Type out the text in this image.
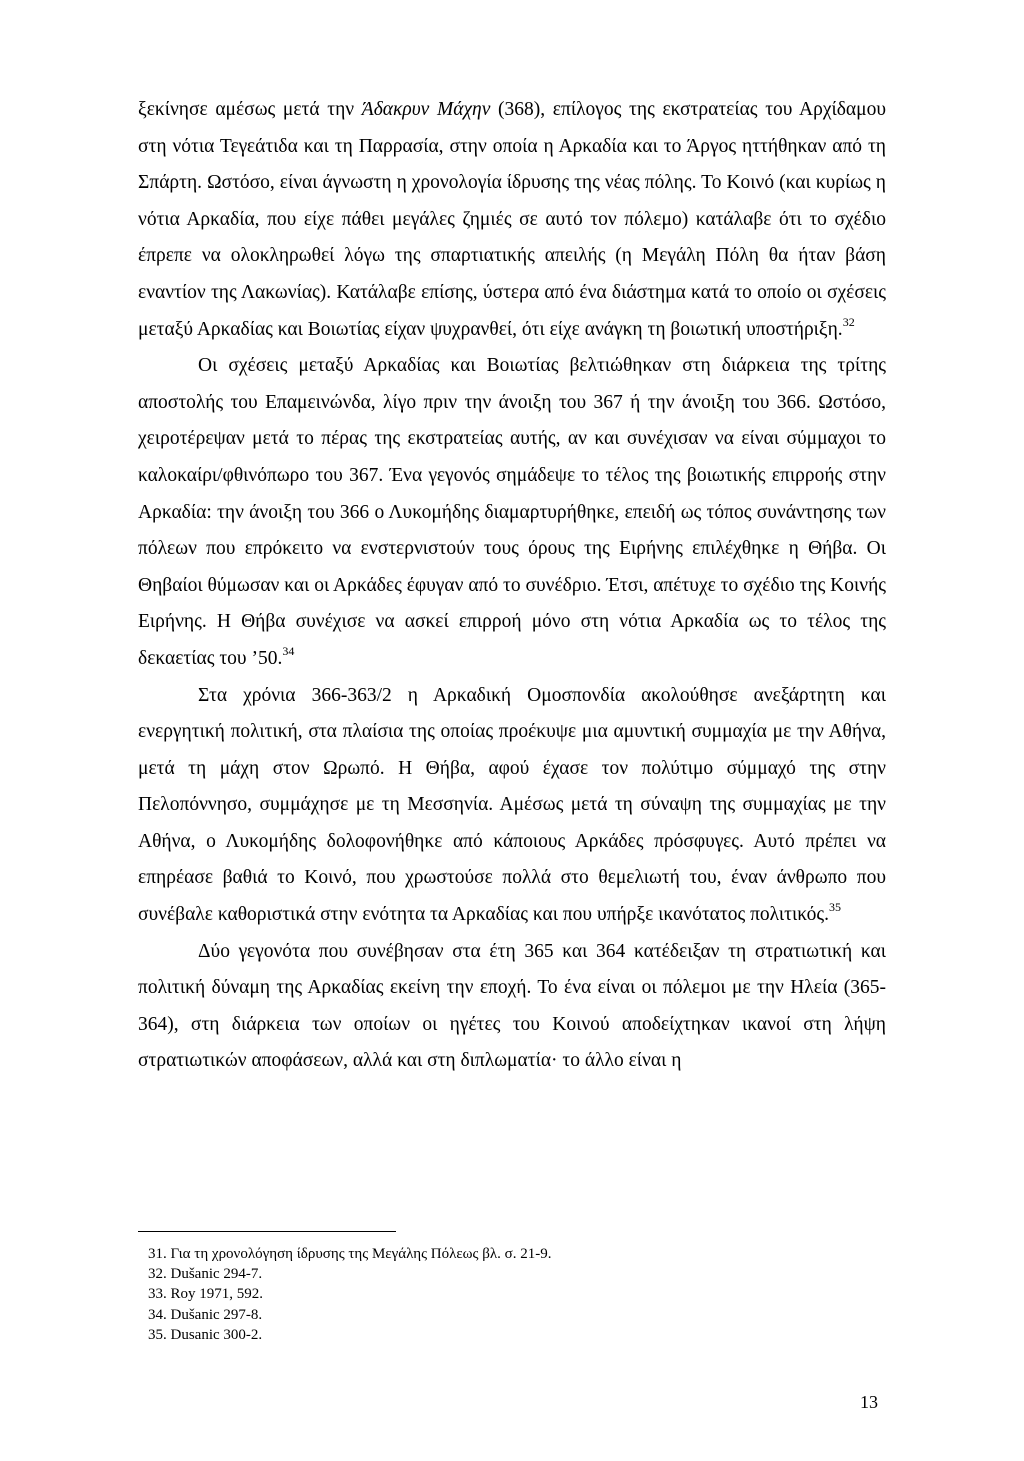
ξεκίνησε αμέσως μετά την Άδακρυν Μάχην (368), επίλογος της εκστρατείας του Αρχίδαμου στη νότια Τεγεάτιδα και τη Παρρασία, στην οποία η Αρκαδία και το Άργος ηττήθηκαν από τη Σπάρτη. Ωστόσο, είναι άγνωστη η χρονολογία ίδρυσης της νέας πόλης. Το Κοινό (και κυρίως η νότια Αρκαδία, που είχε πάθει μεγάλες ζημιές σε αυτό τον πόλεμο) κατάλαβε ότι το σχέδιο έπρεπε να ολοκληρωθεί λόγω της σπαρτιατικής απειλής (η Μεγάλη Πόλη θα ήταν βάση εναντίον της Λακωνίας). Κατάλαβε επίσης, ύστερα από ένα διάστημα κατά το οποίο οι σχέσεις μεταξύ Αρκαδίας και Βοιωτίας είχαν ψυχρανθεί, ότι είχε ανάγκη τη βοιωτική υποστήριξη.$^{32}$

Οι σχέσεις μεταξύ Αρκαδίας και Βοιωτίας βελτιώθηκαν στη διάρκεια της τρίτης αποστολής του Επαμεινώνδα, λίγο πριν την άνοιξη του 367 ή την άνοιξη του 366. Ωστόσο, χειροτέρεψαν μετά το πέρας της εκστρατείας αυτής, αν και συνέχισαν να είναι σύμμαχοι το καλοκαίρι/φθινόπωρο του 367. Ένα γεγονός σημάδεψε το τέλος της βοιωτικής επιρροής στην Αρκαδία: την άνοιξη του 366 ο Λυκομήδης διαμαρτυρήθηκε, επειδή ως τόπος συνάντησης των πόλεων που επρόκειτο να ενστερνιστούν τους όρους της Ειρήνης επιλέχθηκε η Θήβα. Οι Θηβαίοι θύμωσαν και οι Αρκάδες έφυγαν από το συνέδριο. Έτσι, απέτυχε το σχέδιο της Κοινής Ειρήνης. Η Θήβα συνέχισε να ασκεί επιρροή μόνο στη νότια Αρκαδία ως το τέλος της δεκαετίας του ’50.34

Στα χρόνια 366-363/2 η Αρκαδική Ομοσπονδία ακολούθησε ανεξάρτητη και ενεργητική πολιτική, στα πλαίσια της οποίας προέκυψε μια αμυντική συμμαχία με την Αθήνα, μετά τη μάχη στον Ωρωπό. Η Θήβα, αφού έχασε τον πολύτιμο σύμμαχό της στην Πελοπόννησο, συμμάχησε με τη Μεσσηνία. Αμέσως μετά τη σύναψη της συμμαχίας με την Αθήνα, ο Λυκομήδης δολοφονήθηκε από κάποιους Αρκάδες πρόσφυγες. Αυτό πρέπει να επηρέασε βαθιά το Κοινό, που χρωστούσε πολλά στο θεμελιωτή του, έναν άνθρωπο που συνέβαλε καθοριστικά στην ενότητα τα Αρκαδίας και που υπήρξε ικανότατος πολιτικός.$^{35}$

Δύο γεγονότα που συνέβησαν στα έτη 365 και 364 κατέδειξαν τη στρατιωτική και πολιτική δύναμη της Αρκαδίας εκείνη την εποχή. Το ένα είναι οι πόλεμοι με την Ηλεία (365-364), στη διάρκεια των οποίων οι ηγέτες του Κοινού αποδείχτηκαν ικανοί στη λήψη στρατιωτικών αποφάσεων, αλλά και στη διπλωματία· το άλλο είναι η

31. Για τη χρονολόγηση ίδρυσης της Μεγάλης Πόλεως βλ. σ. 21-9.

32. Dušanic 294-7.

33. Roy 1971, 592.

34. Dušanic 297-8.

35. Dusanic 300-2.

13
